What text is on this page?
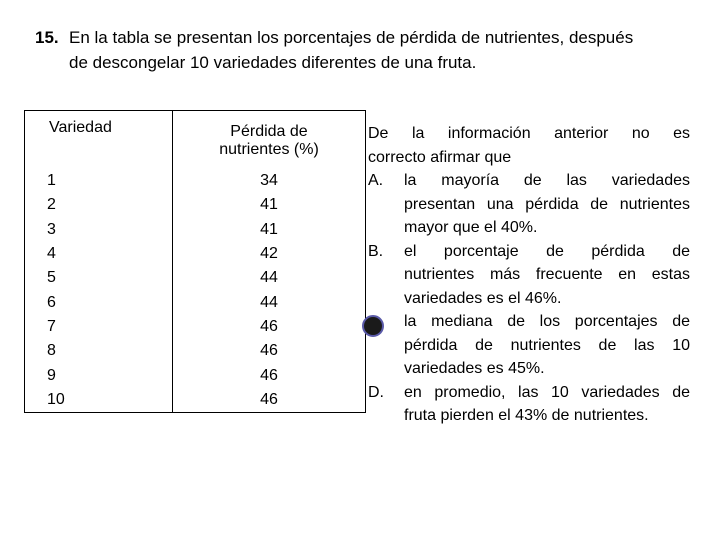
15. En la tabla se presentan los porcentajes de pérdida de nutrientes, después
de descongelar 10 variedades diferentes de una fruta.
Variedad	Pérdida de
nutrientes (%)
1	34
2	41
3	41
4	42
5	44
6	44
7	46
8	46
9	46
10	46
De la información anterior no es
correcto afirmar que
A.	la mayoría de las variedades
presentan una pérdida de nutrientes mayor que el 40%.
B.	el porcentaje de pérdida de
nutrientes más frecuente en estas variedades es el 46%.
la mediana de los porcentajes de
pérdida de nutrientes de las 10 variedades es 45%.
D.	en promedio, las 10 variedades de
fruta pierden el 43% de nutrientes.
